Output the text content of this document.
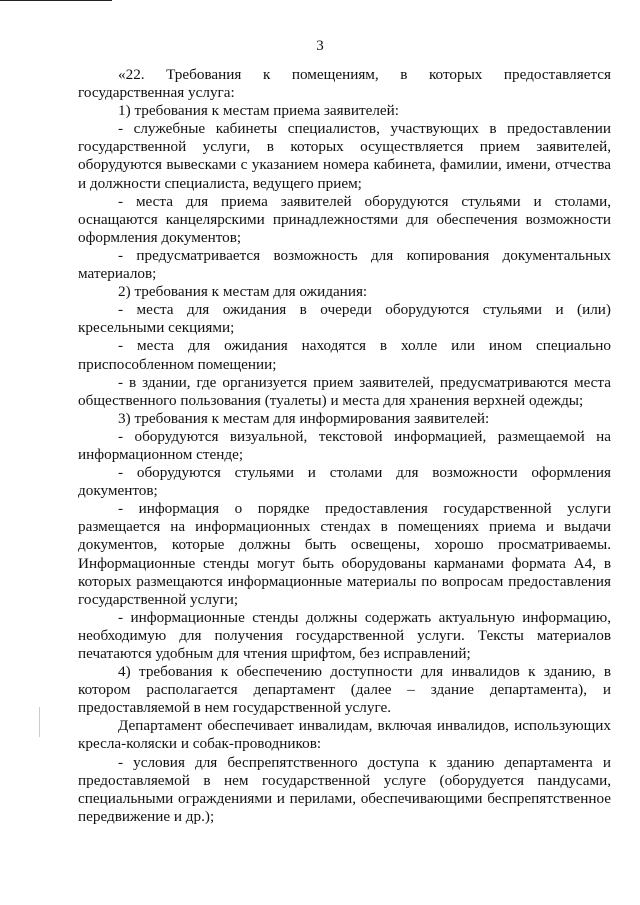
3

«22. Требования к помещениям, в которых предоставляется государственная услуга:

1) требования к местам приема заявителей:

- служебные кабинеты специалистов, участвующих в предоставлении государственной услуги, в которых осуществляется прием заявителей, оборудуются вывесками с указанием номера кабинета, фамилии, имени, отчества и должности специалиста, ведущего прием;

- места для приема заявителей оборудуются стульями и столами, оснащаются канцелярскими принадлежностями для обеспечения возможности оформления документов;

- предусматривается возможность для копирования документальных материалов;

2) требования к местам для ожидания:

- места для ожидания в очереди оборудуются стульями и (или) кресельными секциями;

- места для ожидания находятся в холле или ином специально приспособленном помещении;

- в здании, где организуется прием заявителей, предусматриваются места общественного пользования (туалеты) и места для хранения верхней одежды;

3) требования к местам для информирования заявителей:

- оборудуются визуальной, текстовой информацией, размещаемой на информационном стенде;

- оборудуются стульями и столами для возможности оформления документов;

- информация о порядке предоставления государственной услуги размещается на информационных стендах в помещениях приема и выдачи документов, которые должны быть освещены, хорошо просматриваемы. Информационные стенды могут быть оборудованы карманами формата А4, в которых размещаются информационные материалы по вопросам предоставления государственной услуги;

- информационные стенды должны содержать актуальную информацию, необходимую для получения государственной услуги. Тексты материалов печатаются удобным для чтения шрифтом, без исправлений;

4) требования к обеспечению доступности для инвалидов к зданию, в котором располагается департамент (далее – здание департамента), и предоставляемой в нем государственной услуге.

Департамент обеспечивает инвалидам, включая инвалидов, использующих кресла-коляски и собак-проводников:

- условия для беспрепятственного доступа к зданию департамента и предоставляемой в нем государственной услуге (оборудуется пандусами, специальными ограждениями и перилами, обеспечивающими беспрепятственное передвижение и др.);
